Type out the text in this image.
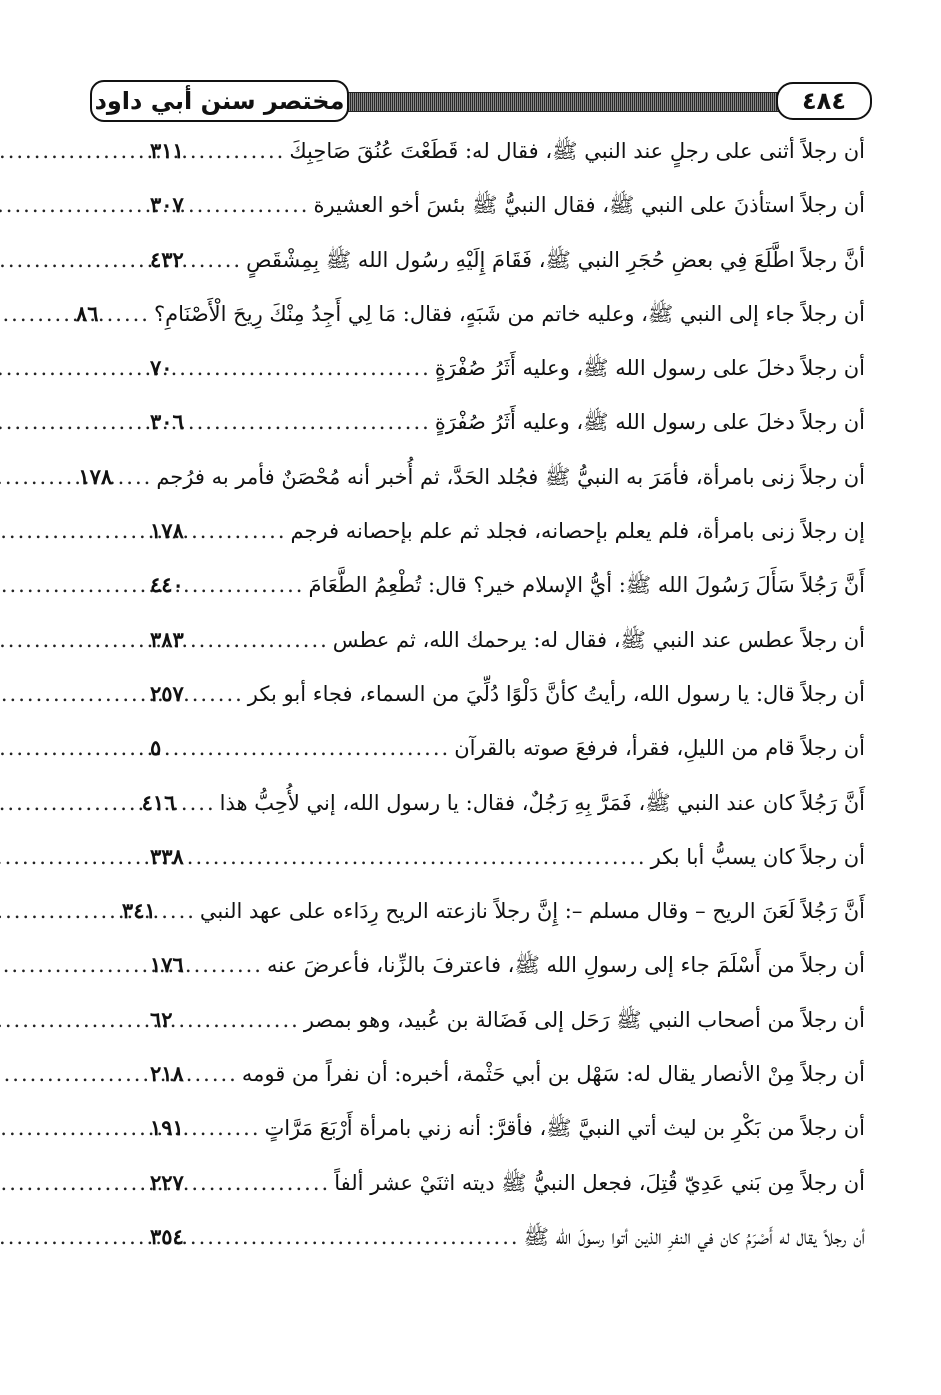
مختصر سنن أبي داود	٤٨٤
أن رجلاً أثنى على رجلٍ عند النبي ﷺ، فقال له: قَطَعْتَ عُنُقَ صَاحِبِكَ
.....
٣١١
أن رجلاً استأذنَ على النبي ﷺ، فقال النبيُّ ﷺ بئسَ أخو العشيرة
.....
٣٠٧
أنَّ رجلاً اطَّلَعَ فِي بعضِ حُجَرِ النبي ﷺ، فَقَامَ إِلَيْهِ رسُول الله ﷺ بِمِشْقَصٍ
.....
٤٣٢
أن رجلاً جاء إلى النبي ﷺ، وعليه خاتم من شَبَهٍ، فقال: مَا لِي أَجِدُ مِنْكَ رِيحَ الْأَصْنَامِ؟
.....
٨٦
أن رجلاً دخلَ على رسول الله ﷺ، وعليه أَثَرُ صُفْرَةٍ
.....
٧٠
أن رجلاً دخلَ على رسول الله ﷺ، وعليه أَثَرُ صُفْرَةٍ
.....
٣٠٦
أن رجلاً زنى بامرأة، فأمَرَ به النبيُّ ﷺ فجُلد الحَدَّ، ثم أُخبر أنه مُحْصَنٌ فأمر به فرُجم
.....
١٧٨
إن رجلاً زنى بامرأة، فلم يعلم بإحصانه، فجلد ثم علم بإحصانه فرجم
.....
١٧٨
أَنَّ رَجُلاً سَأَلَ رَسُولَ الله ﷺ: أيُّ الإسلام خير؟ قال: تُطْعِمُ الطَّعَامَ
.....
٤٤٠
أن رجلاً عطس عند النبي ﷺ، فقال له: يرحمك الله، ثم عطس
.....
٣٨٣
أن رجلاً قال: يا رسول الله، رأيتُ كأنَّ دَلْوًا دُلِّيَ من السماء، فجاء أبو بكر
.....
٢٥٧
أن رجلاً قام من الليلِ، فقرأ، فرفعَ صوته بالقرآن
.....
٥
أَنَّ رَجُلاً كان عند النبي ﷺ، فَمَرَّ بِهِ رَجُلٌ، فقال: يا رسول الله، إني لأُحِبُّ هذا
.....
٤١٦
أن رجلاً كان يسبُّ أبا بكر
.....
٣٣٨
أَنَّ رَجُلاً لَعَنَ الريح – وقال مسلم –: إِنَّ رجلاً نازعته الريح رِدَاءه على عهد النبي
.....
٣٤١
أن رجلاً من أَسْلَمَ جاء إلى رسولِ الله ﷺ، فاعترفَ بالزِّنا، فأعرضَ عنه
.....
١٧٦
أن رجلاً من أصحاب النبي ﷺ رَحَل إلى فَضَالة بن عُبيد، وهو بمصر
.....
٦٢
أن رجلاً مِنْ الأنصار يقال له: سَهْل بن أبي حَثْمة، أخبره: أن نفراً من قومه
.....
٢١٨
أن رجلاً من بَكْرِ بن ليث أتي النبيَّ ﷺ، فأقرَّ: أنه زني بامرأة أَرْبَعَ مَرَّاتٍ
.....
١٩١
أن رجلاً مِن بَني عَدِيّ قُتِلَ، فجعل النبيُّ ﷺ ديته اثنَيْ عشر ألفاً
.....
٢٢٧
أن رجلاً يقال له أَصْرَمُ كان في النفرِ الذين أتوا رسولَ الله ﷺ
.....
٣٥٤
